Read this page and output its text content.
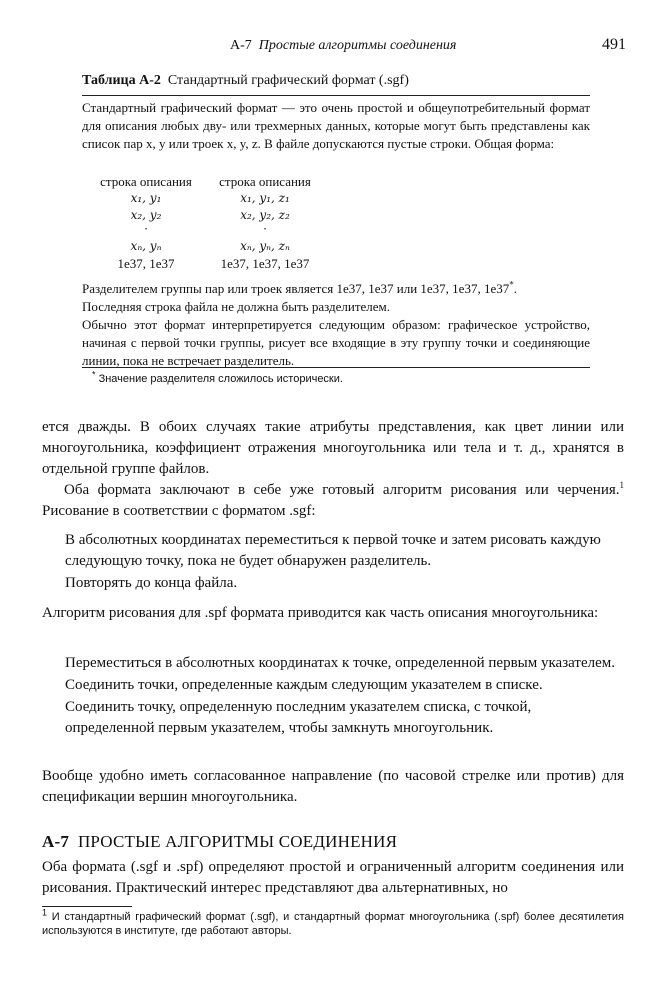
A-7 Простые алгоритмы соединения	491
Таблица А-2 Стандартный графический формат (.sgf)

Стандартный графический формат — это очень простой и общеупотребительный формат для описания любых дву- или трехмерных данных, которые могут быть представлены как список пар x, y или троек x, y, z. В файле допускаются пустые строки. Общая форма:

строка описания	строка описания
x₁, y₁	x₁, y₁, z₁
x₂, y₂	x₂, y₂, z₂
·	·
xₙ, yₙ	xₙ, yₙ, zₙ
1e37, 1e37	1e37, 1e37, 1e37

Разделителем группы пар или троек является 1e37, 1e37 или 1e37, 1e37, 1e37*.

Последняя строка файла не должна быть разделителем.

Обычно этот формат интерпретируется следующим образом: графическое устройство, начиная с первой точки группы, рисует все входящие в эту группу точки и соединяющие линии, пока не встречает разделитель.

* Значение разделителя сложилось исторически.

ется дважды. В обоих случаях такие атрибуты представления, как цвет линии или многоугольника, коэффициент отражения многоугольника или тела и т. д., хранятся в отдельной группе файлов.

Оба формата заключают в себе уже готовый алгоритм рисования или черчения.$^1$ Рисование в соответствии с форматом .sgf:

В абсолютных координатах переместиться к первой точке и затем рисовать каждую следующую точку, пока не будет обнаружен разделитель.

Повторять до конца файла.

Алгоритм рисования для .spf формата приводится как часть описания многоугольника:

Переместиться в абсолютных координатах к точке, определенной первым указателем.

Соединить точки, определенные каждым следующим указателем в списке.

Соединить точку, определенную последним указателем списка, с точкой, определенной первым указателем, чтобы замкнуть многоугольник.

Вообще удобно иметь согласованное направление (по часовой стрелке или против) для спецификации вершин многоугольника.

А-7 ПРОСТЫЕ АЛГОРИТМЫ СОЕДИНЕНИЯ

Оба формата (.sgf и .spf) определяют простой и ограниченный алгоритм соединения или рисования. Практический интерес представляют два альтернативных, но

$^1$ И стандартный графический формат (.sgf), и стандартный формат многоугольника (.spf) более десятилетия используются в институте, где работают авторы.
